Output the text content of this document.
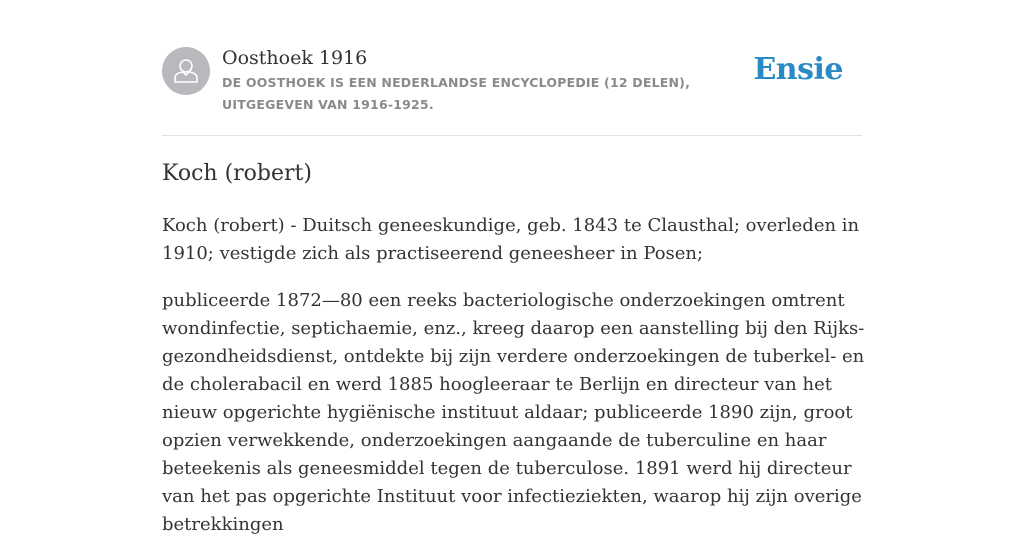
Oosthoek 1916
DE OOSTHOEK IS EEN NEDERLANDSE ENCYCLOPEDIE (12 DELEN), UITGEGEVEN VAN 1916-1925.
Ensie
Koch (robert)

Koch (robert) - Duitsch geneeskundige, geb. 1843 te Clausthal; overleden in 1910; vestigde zich als practiseerend geneesheer in Posen;

publiceerde 1872—80 een reeks bacteriologische onderzoekingen omtrent wondinfectie, septichaemie, enz., kreeg daarop een aanstelling bij den Rijks-gezondheidsdienst, ontdekte bij zijn verdere onderzoekingen de tuberkel- en de cholerabacil en werd 1885 hoogleeraar te Berlijn en directeur van het nieuw opgerichte hygiënische instituut aldaar; publiceerde 1890 zijn, groot opzien verwekkende, onderzoekingen aangaande de tuberculine en haar beteekenis als geneesmiddel tegen de tuberculose. 1891 werd hij directeur van het pas opgerichte Instituut voor infectieziekten, waarop hij zijn overige betrekkingen
